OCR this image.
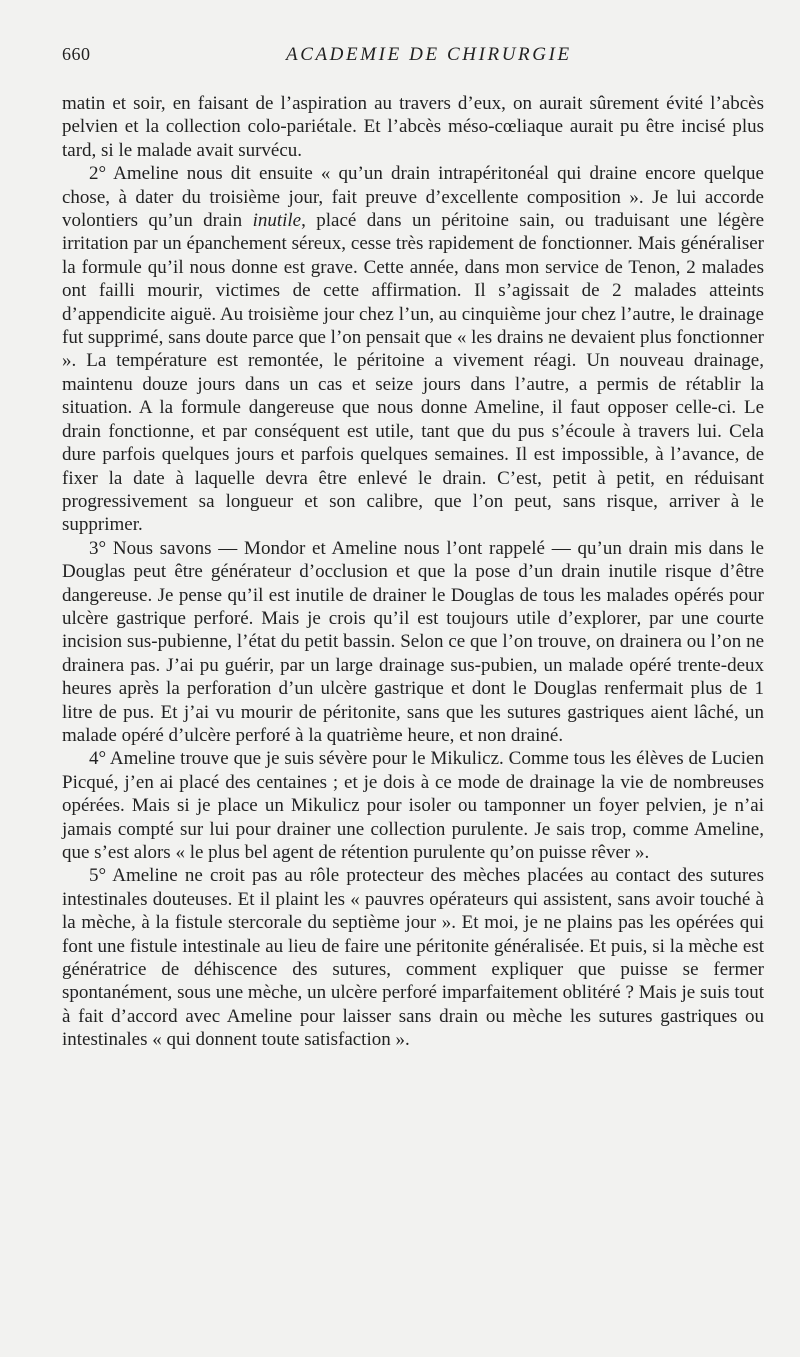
660	ACADEMIE DE CHIRURGIE

matin et soir, en faisant de l’aspiration au travers d’eux, on aurait sûrement évité l’abcès pelvien et la collection colo-pariétale. Et l’abcès méso-cœliaque aurait pu être incisé plus tard, si le malade avait survécu.

2° Ameline nous dit ensuite « qu’un drain intrapéritonéal qui draine encore quelque chose, à dater du troisième jour, fait preuve d’excellente composition ». Je lui accorde volontiers qu’un drain inutile, placé dans un péritoine sain, ou traduisant une légère irritation par un épanchement séreux, cesse très rapidement de fonctionner. Mais généraliser la formule qu’il nous donne est grave. Cette année, dans mon service de Tenon, 2 malades ont failli mourir, victimes de cette affirmation. Il s’agissait de 2 malades atteints d’appendicite aiguë. Au troisième jour chez l’un, au cinquième jour chez l’autre, le drainage fut supprimé, sans doute parce que l’on pensait que « les drains ne devaient plus fonctionner ». La température est remontée, le péritoine a vivement réagi. Un nouveau drainage, maintenu douze jours dans un cas et seize jours dans l’autre, a permis de rétablir la situation. A la formule dangereuse que nous donne Ameline, il faut opposer celle-ci. Le drain fonctionne, et par conséquent est utile, tant que du pus s’écoule à travers lui. Cela dure parfois quelques jours et parfois quelques semaines. Il est impossible, à l’avance, de fixer la date à laquelle devra être enlevé le drain. C’est, petit à petit, en réduisant progressivement sa longueur et son calibre, que l’on peut, sans risque, arriver à le supprimer.

3° Nous savons — Mondor et Ameline nous l’ont rappelé — qu’un drain mis dans le Douglas peut être générateur d’occlusion et que la pose d’un drain inutile risque d’être dangereuse. Je pense qu’il est inutile de drainer le Douglas de tous les malades opérés pour ulcère gastrique perforé. Mais je crois qu’il est toujours utile d’explorer, par une courte incision sus-pubienne, l’état du petit bassin. Selon ce que l’on trouve, on drainera ou l’on ne drainera pas. J’ai pu guérir, par un large drainage sus-pubien, un malade opéré trente-deux heures après la perforation d’un ulcère gastrique et dont le Douglas renfermait plus de 1 litre de pus. Et j’ai vu mourir de péritonite, sans que les sutures gastriques aient lâché, un malade opéré d’ulcère perforé à la quatrième heure, et non drainé.

4° Ameline trouve que je suis sévère pour le Mikulicz. Comme tous les élèves de Lucien Picqué, j’en ai placé des centaines ; et je dois à ce mode de drainage la vie de nombreuses opérées. Mais si je place un Mikulicz pour isoler ou tamponner un foyer pelvien, je n’ai jamais compté sur lui pour drainer une collection purulente. Je sais trop, comme Ameline, que s’est alors « le plus bel agent de rétention purulente qu’on puisse rêver ».

5° Ameline ne croit pas au rôle protecteur des mèches placées au contact des sutures intestinales douteuses. Et il plaint les « pauvres opérateurs qui assistent, sans avoir touché à la mèche, à la fistule stercorale du septième jour ». Et moi, je ne plains pas les opérées qui font une fistule intestinale au lieu de faire une péritonite généralisée. Et puis, si la mèche est génératrice de déhiscence des sutures, comment expliquer que puisse se fermer spontanément, sous une mèche, un ulcère perforé imparfaitement oblitéré ? Mais je suis tout à fait d’accord avec Ameline pour laisser sans drain ou mèche les sutures gastriques ou intestinales « qui donnent toute satisfaction ».
